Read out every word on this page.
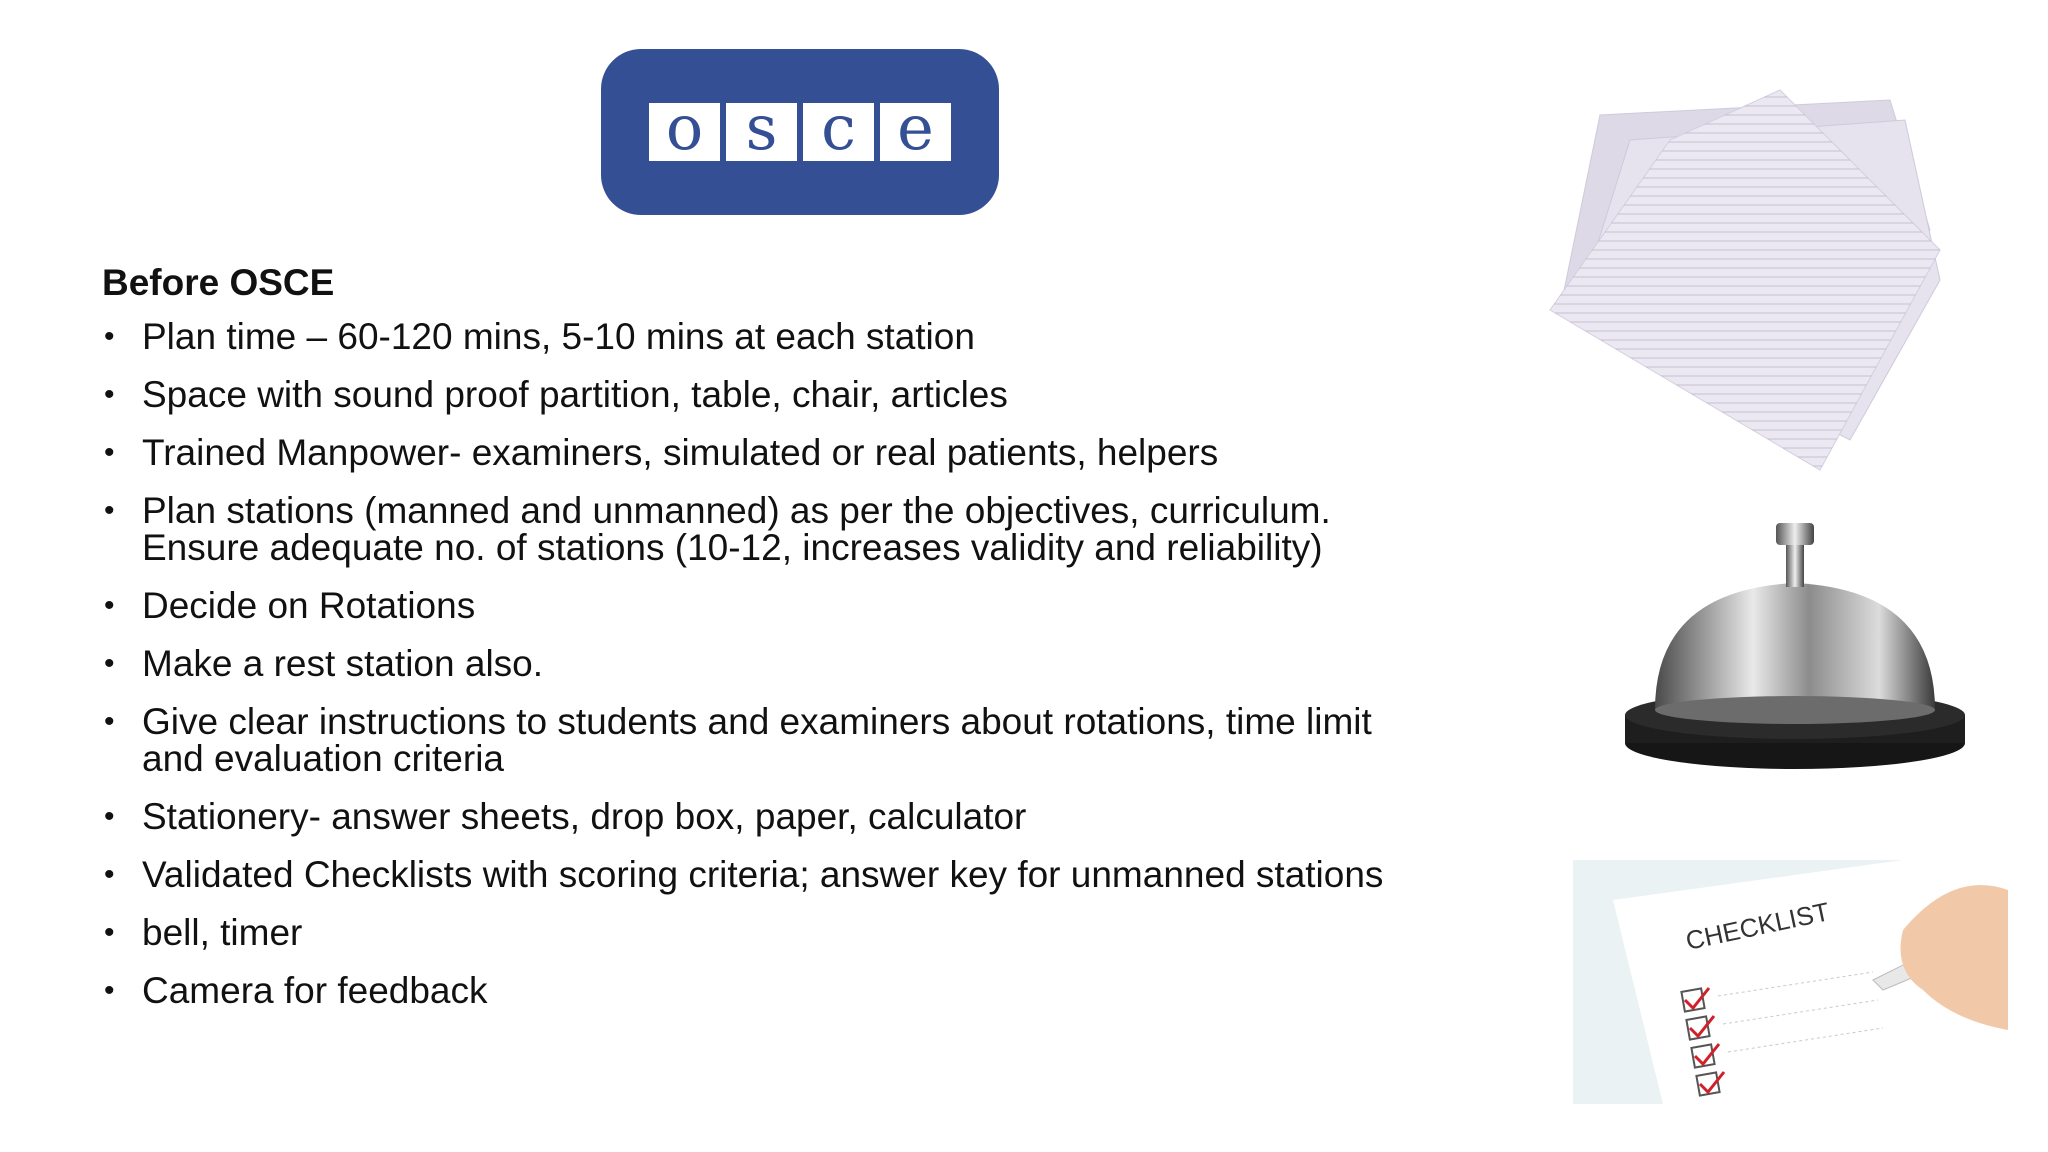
o s c e
Before OSCE
• Plan time – 60-120 mins, 5-10 mins at each station
• Space with sound proof partition, table, chair, articles
• Trained Manpower- examiners, simulated or real patients, helpers
• Plan stations (manned and unmanned) as per the objectives, curriculum. Ensure adequate no. of stations (10-12, increases validity and reliability)
• Decide on Rotations
• Make a rest station also.
• Give clear instructions to students and examiners about rotations, time limit and evaluation criteria
• Stationery- answer sheets, drop box, paper, calculator
• Validated Checklists with scoring criteria; answer key for unmanned stations
• bell, timer
• Camera for feedback
CHECKLIST
